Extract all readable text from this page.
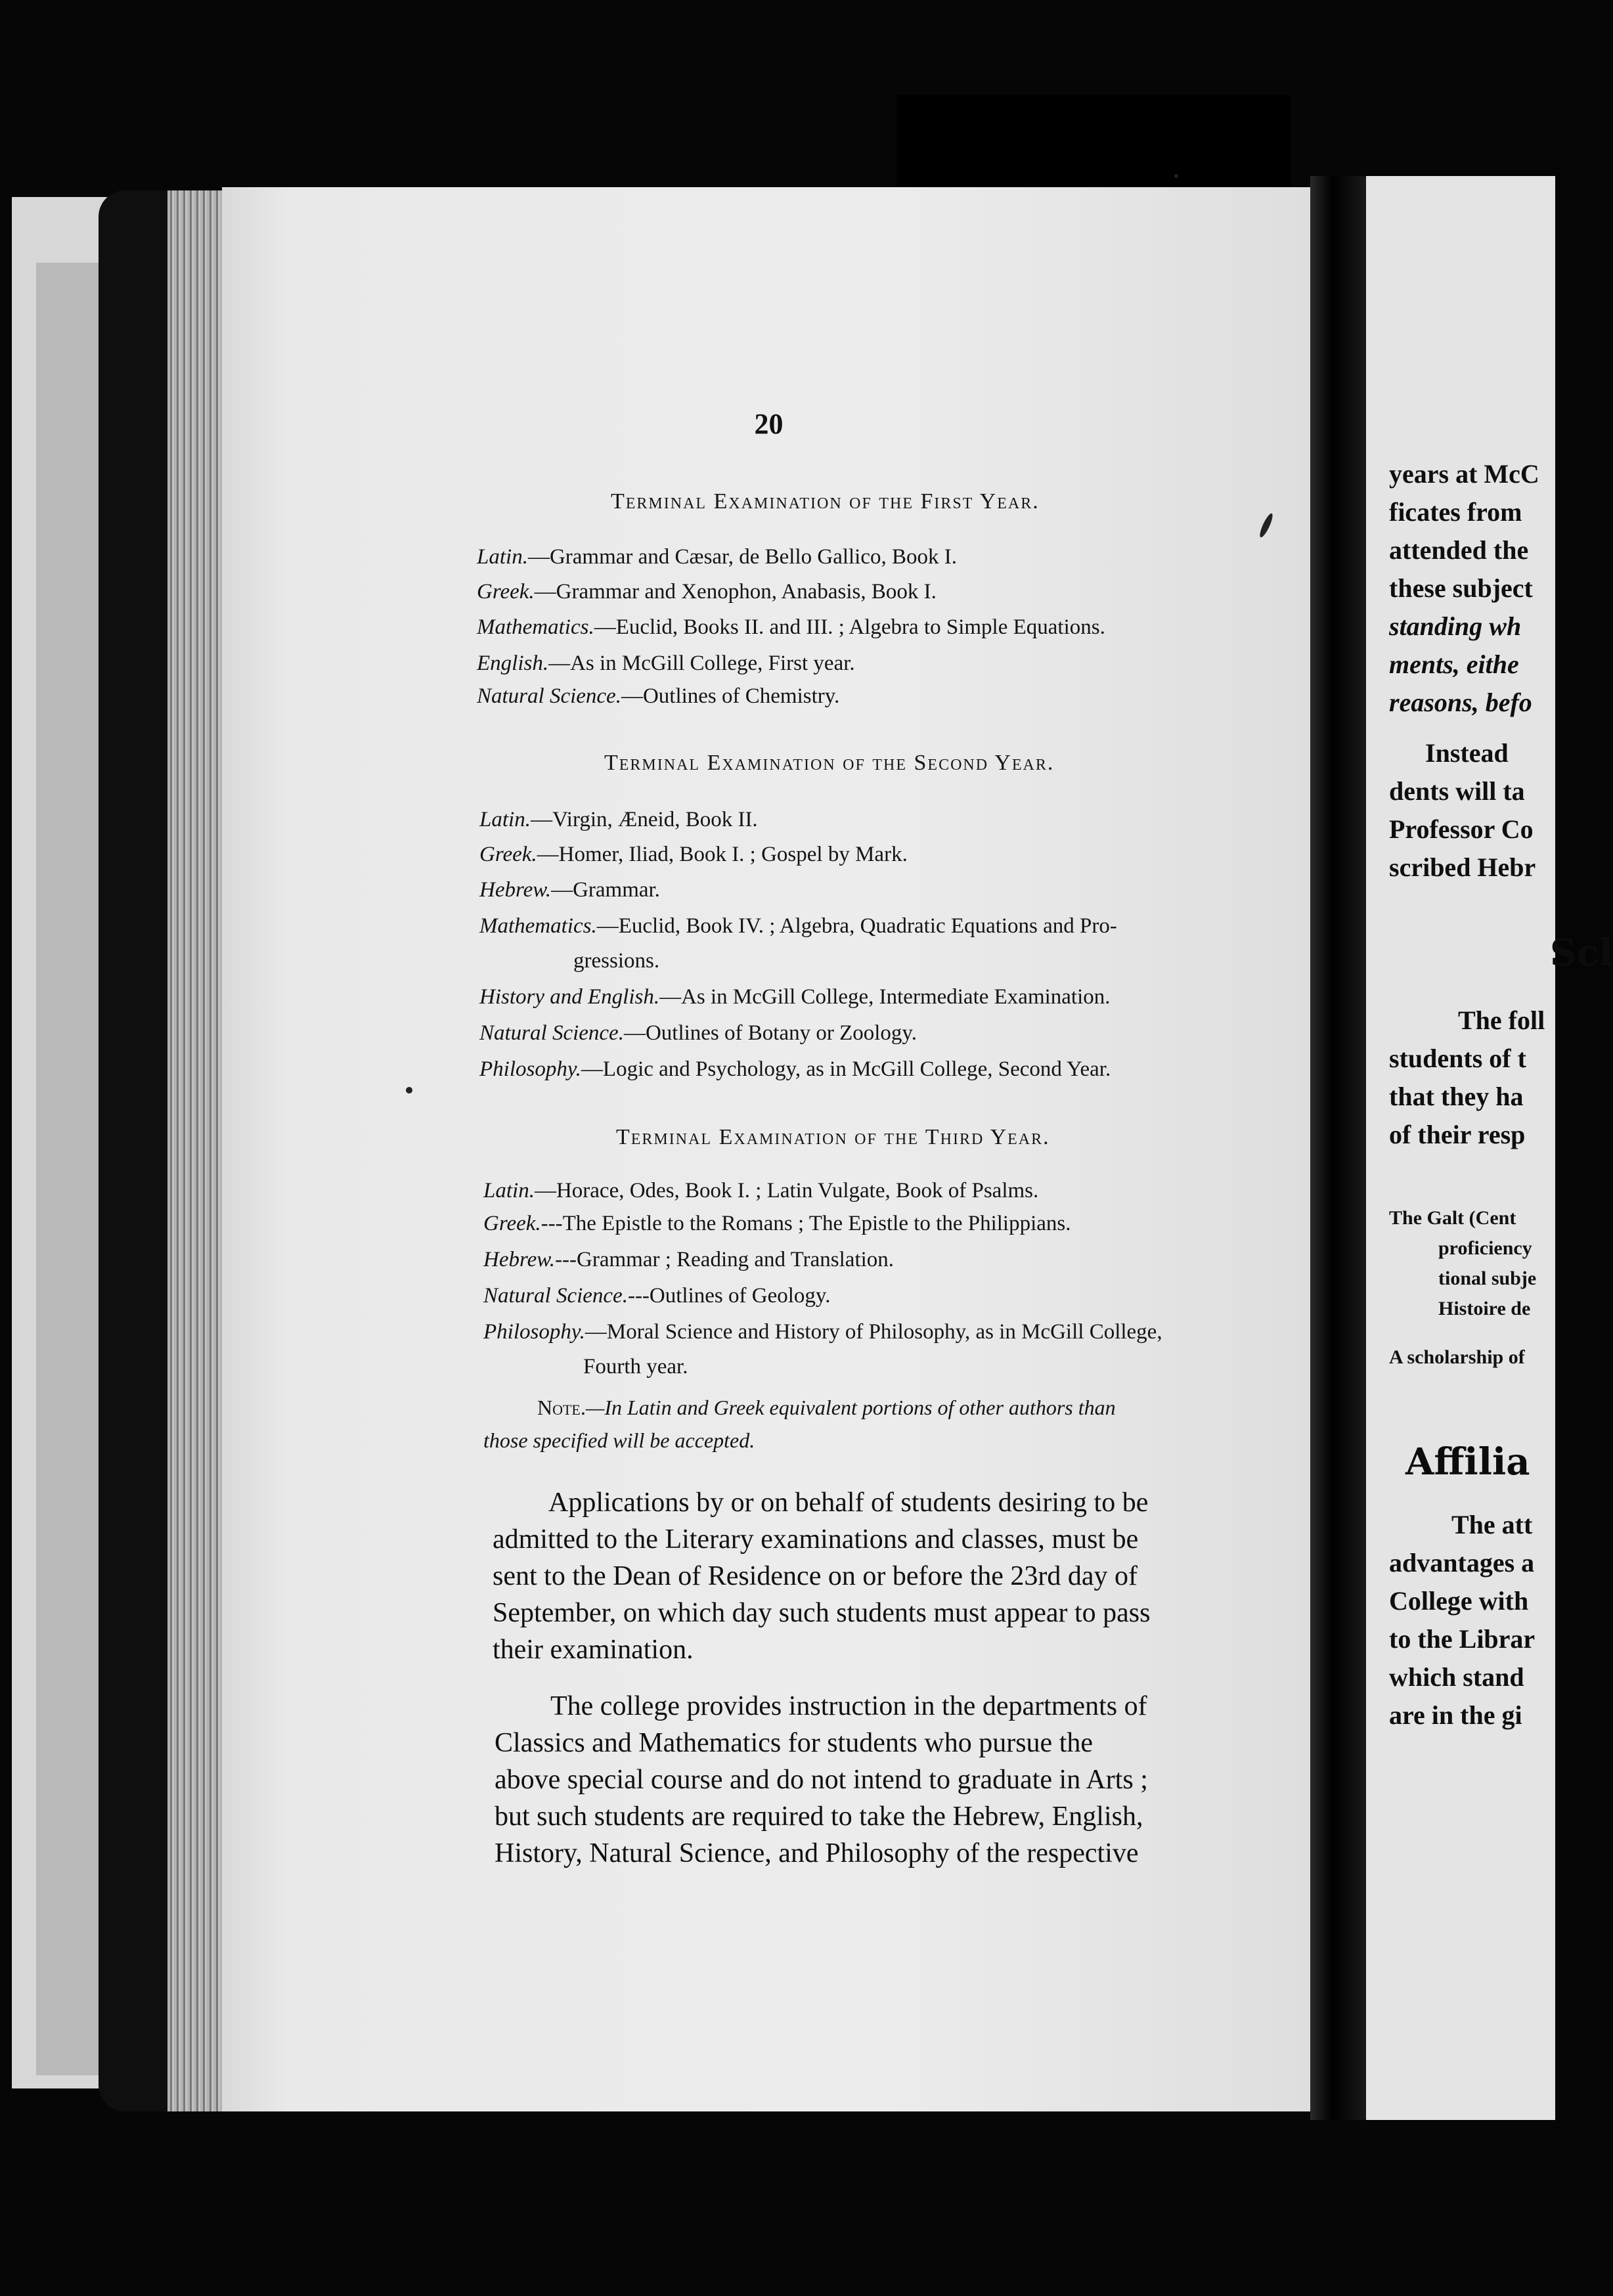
20
Terminal Examination of the First Year.
Latin.—Grammar and Cæsar, de Bello Gallico, Book I.
Greek.—Grammar and Xenophon, Anabasis, Book I.
Mathematics.—Euclid, Books II. and III. ; Algebra to Simple Equations.
English.—As in McGill College, First year.
Natural Science.—Outlines of Chemistry.
Terminal Examination of the Second Year.
Latin.—Virgin, Æneid, Book II.
Greek.—Homer, Iliad, Book I. ; Gospel by Mark.
Hebrew.—Grammar.
Mathematics.—Euclid, Book IV. ; Algebra, Quadratic Equations and Pro-
gressions.
History and English.—As in McGill College, Intermediate Examination.
Natural Science.—Outlines of Botany or Zoology.
Philosophy.—Logic and Psychology, as in McGill College, Second Year.
Terminal Examination of the Third Year.
Latin.—Horace, Odes, Book I. ; Latin Vulgate, Book of Psalms.
Greek.---The Epistle to the Romans ; The Epistle to the Philippians.
Hebrew.---Grammar ; Reading and Translation.
Natural Science.---Outlines of Geology.
Philosophy.—Moral Science and History of Philosophy, as in McGill College,
Fourth year.
Note.—In Latin and Greek equivalent portions of other authors than
those specified will be accepted.
Applications by or on behalf of students desiring to be
admitted to the Literary examinations and classes, must be
sent to the Dean of Residence on or before the 23rd day of
September, on which day such students must appear to pass
their examination.
The college provides instruction in the departments of
Classics and Mathematics for students who pursue the
above special course and do not intend to graduate in Arts ;
but such students are required to take the Hebrew, English,
History, Natural Science, and Philosophy of the respective
years at McC
ficates from
attended the
these subject
standing wh
ments, eithe
reasons, befo
Instead
dents will ta
Professor Co
scribed Hebr
Scl
The foll
students of t
that they ha
of their resp
The Galt (Cent
proficiency
tional subje
Histoire de
A scholarship of
Affilia
The att
advantages a
College with
to the Librar
which stand
are in the gi
